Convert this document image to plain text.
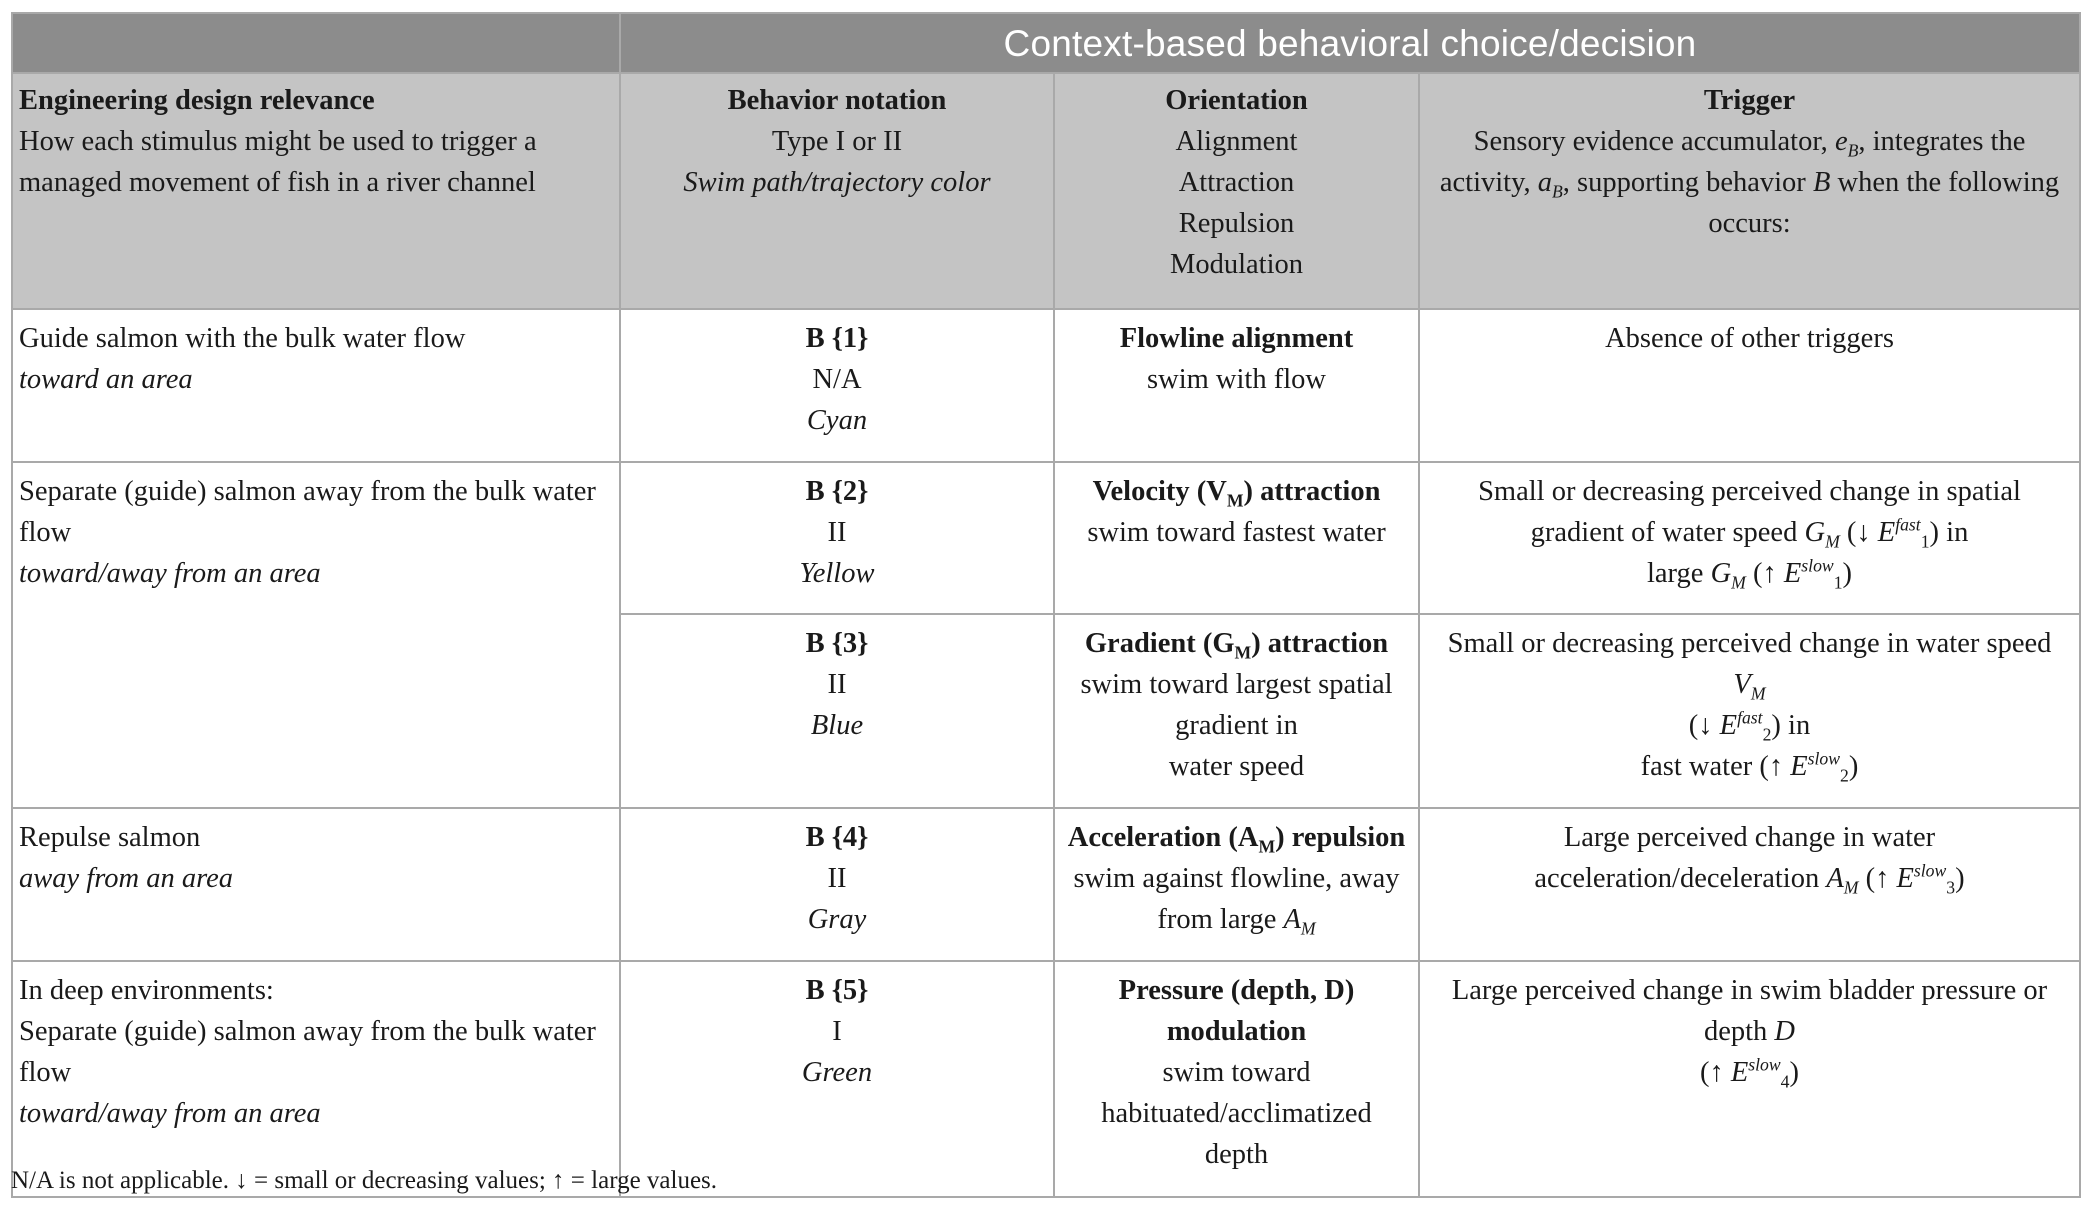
	Context-based behavioral choice/decision		

Engineering design relevance
How each stimulus might be used to trigger a
managed movement of fish in a river channel	Behavior notation
Type I or II
Swim path/trajectory color	Orientation
Alignment
Attraction
Repulsion
Modulation	Trigger
Sensory evidence accumulator, $e_B$, integrates the
activity, $a_B$, supporting behavior B when the following
occurs:

Guide salmon with the bulk water flow
toward an area	B {1}
N/A
Cyan	Flowline alignment
swim with flow	Absence of other triggers

Separate (guide) salmon away from the bulk water
flow
toward/away from an area	B {2}
II
Yellow	Velocity $(V_M)$ attraction
swim toward fastest water	Small or decreasing perceived change in spatial
gradient of water speed $G_M$ (↓ $E^{fast}_1$) in
large $G_M$ (↑ $E^{slow}_1$)

	B {3}
II
Blue	Gradient $(G_M)$ attraction
swim toward largest spatial
gradient in
water speed	Small or decreasing perceived change in water speed
$V_M$
(↓ $E^{fast}_2$) in
fast water (↑ $E^{slow}_2$)

Repulse salmon
away from an area	B {4}
II
Gray	Acceleration $(A_M)$ repulsion
swim against flowline, away
from large $A_M$	Large perceived change in water
acceleration/deceleration $A_M$ (↑ $E^{slow}_3$)

In deep environments:
Separate (guide) salmon away from the bulk water
flow
toward/away from an area	B {5}
I
Green	Pressure (depth, D)
modulation
swim toward
habituated/acclimatized
depth	Large perceived change in swim bladder pressure or
depth D
(↑ $E^{slow}_4$)
N/A is not applicable. ↓ = small or decreasing values; ↑ = large values.
